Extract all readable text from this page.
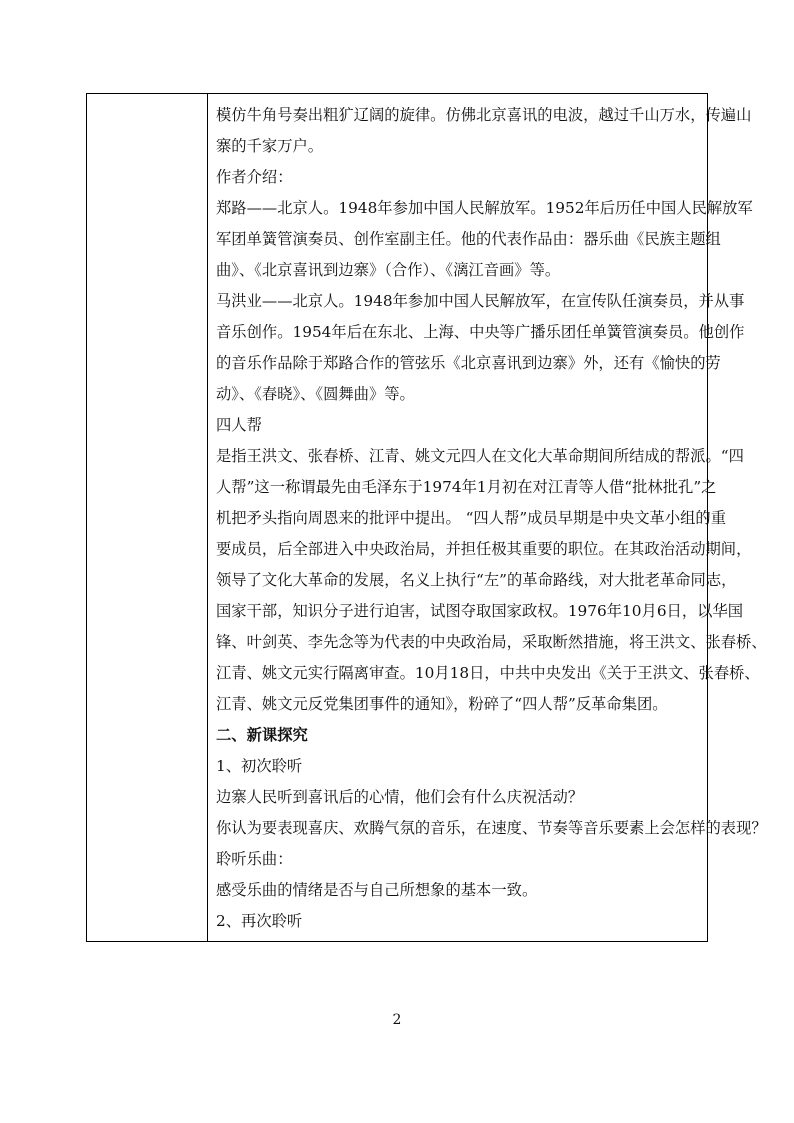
模仿牛角号奏出粗犷辽阔的旋律。仿佛北京喜讯的电波，越过千山万水，传遍山
寨的千家万户。
作者介绍：
郑路——北京人。1948年参加中国人民解放军。1952年后历任中国人民解放军
军团单簧管演奏员、创作室副主任。他的代表作品由：器乐曲《民族主题组
曲》、《北京喜讯到边寨》（合作）、《漓江音画》等。
马洪业——北京人。1948年参加中国人民解放军，在宣传队任演奏员，并从事
音乐创作。1954年后在东北、上海、中央等广播乐团任单簧管演奏员。他创作
的音乐作品除于郑路合作的管弦乐《北京喜讯到边寨》外，还有《愉快的劳
动》、《春晓》、《圆舞曲》等。
四人帮
是指王洪文、张春桥、江青、姚文元四人在文化大革命期间所结成的帮派。“四
人帮”这一称谓最先由毛泽东于1974年1月初在对江青等人借“批林批孔”之
机把矛头指向周恩来的批评中提出。 “四人帮”成员早期是中央文革小组的重
要成员，后全部进入中央政治局，并担任极其重要的职位。在其政治活动期间，
领导了文化大革命的发展，名义上执行“左”的革命路线，对大批老革命同志，
国家干部，知识分子进行迫害，试图夺取国家政权。1976年10月6日，以华国
锋、叶剑英、李先念等为代表的中央政治局，采取断然措施，将王洪文、张春桥、
江青、姚文元实行隔离审查。10月18日，中共中央发出《关于王洪文、张春桥、
江青、姚文元反党集团事件的通知》，粉碎了“四人帮”反革命集团。
二、新课探究
1、初次聆听
边寨人民听到喜讯后的心情，他们会有什么庆祝活动？
你认为要表现喜庆、欢腾气氛的音乐，在速度、节奏等音乐要素上会怎样的表现？
聆听乐曲：
感受乐曲的情绪是否与自己所想象的基本一致。
2、再次聆听
2
